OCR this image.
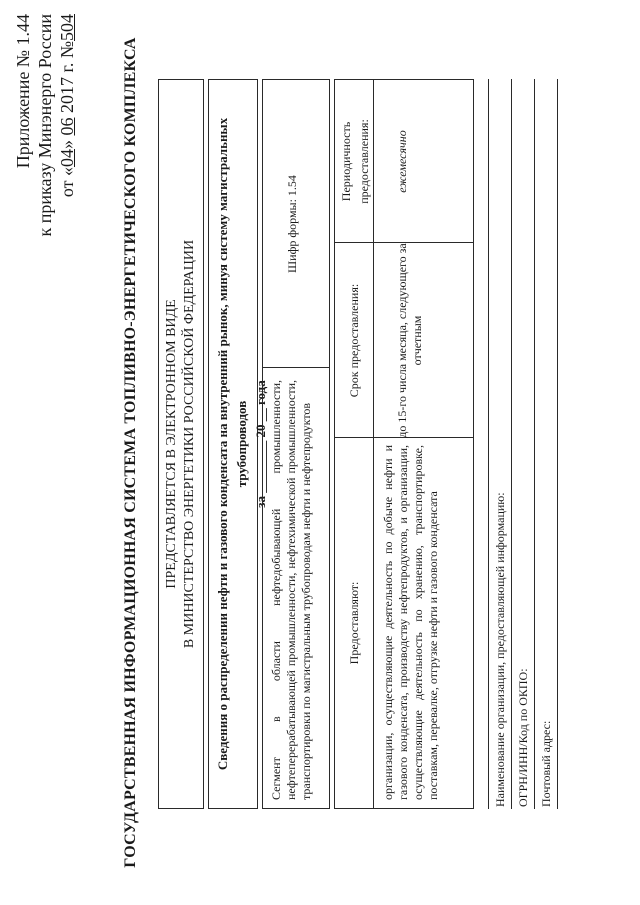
Приложение № 1.44 к приказу Минэнерго России от «04» 06 2017 г. №504
ГОСУДАРСТВЕННАЯ ИНФОРМАЦИОННАЯ СИСТЕМА ТОПЛИВНО-ЭНЕРГЕТИЧЕСКОГО КОМПЛЕКСА ПРЕДСТАВЛЯЕТСЯ В ЭЛЕКТРОННОМ ВИДЕ В МИНИСТЕРСТВО ЭНЕРГЕТИКИ РОССИЙСКОЙ ФЕДЕРАЦИИ Сведения о распределении нефти и газового конденсата на внутренний рынок, минуя систему магистральных трубопроводов за ________ 20 __ года Сегмент в области нефтедобывающей промышленности, нефтеперерабатывающей промышленности, нефтехимической промышленности, транспортировки по магистральным трубопроводам нефти и нефтепродуктов
Шифр формы: 1.54
Предоставляют:
Срок предоставления:
Периодичность предоставления:
организации, осуществляющие деятельность по добыче нефти и газового конденсата, производству нефтепродуктов, и организации, осуществляющие деятельность по хранению, транспортировке, поставкам, перевалке, отгрузке нефти и газового конденсата
до 15-го числа месяца, следующего за отчетным
ежемесячно
Наименование организации, предоставляющей информацию: ОГРН/ИНН/Код по ОКПО: Почтовый адрес:
